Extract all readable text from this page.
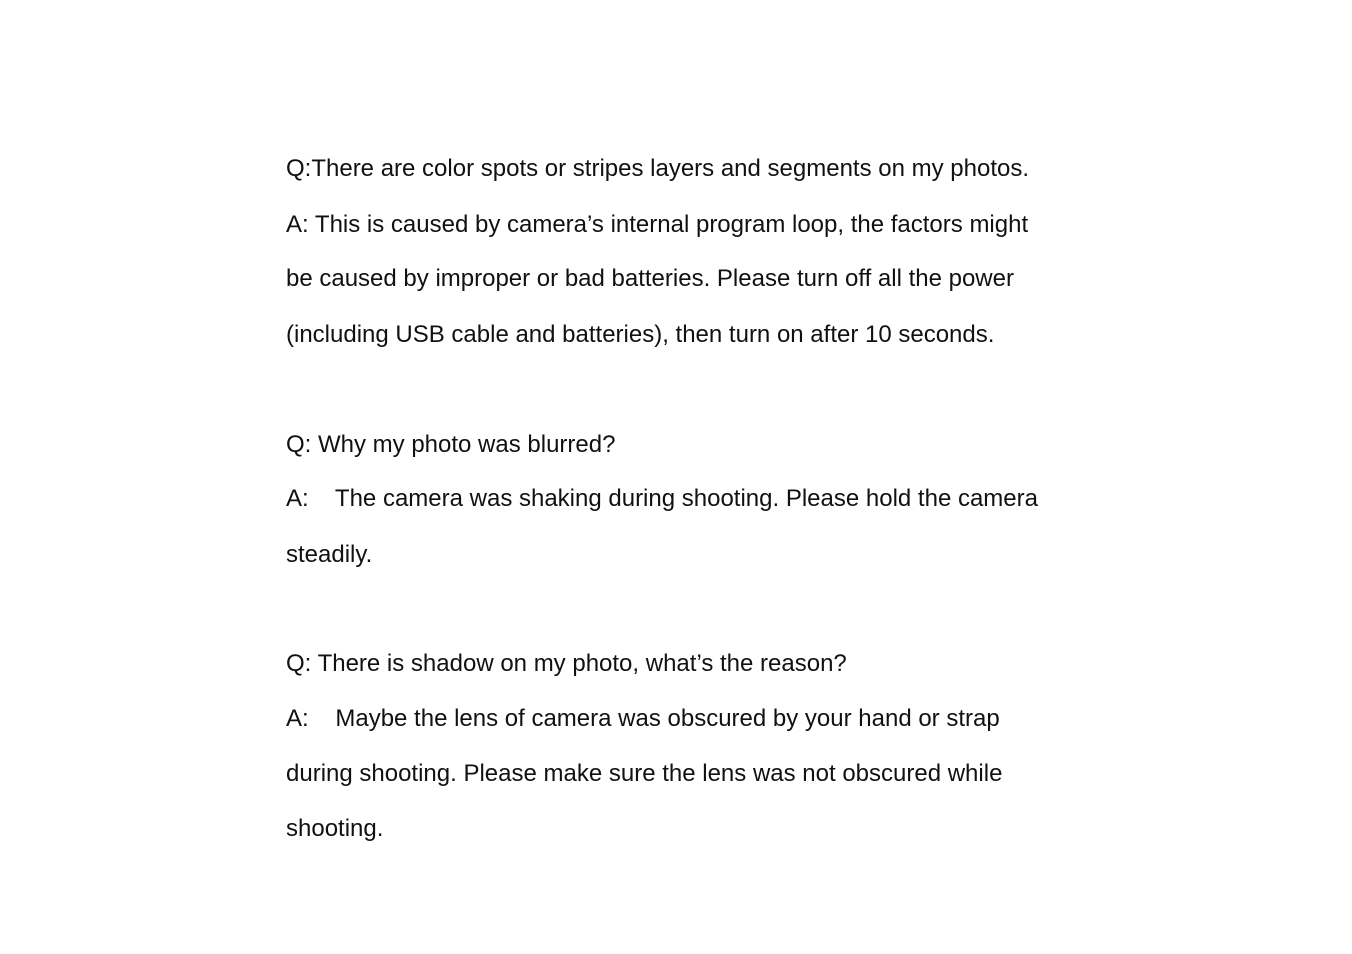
Q:There are color spots or stripes layers and segments on my photos.

A: This is caused by camera’s internal program loop, the factors might

be caused by improper or bad batteries. Please turn off all the power

(including USB cable and batteries), then turn on after 10 seconds.

Q: Why my photo was blurred?

A:    The camera was shaking during shooting. Please hold the camera

steadily.

Q: There is shadow on my photo, what’s the reason?

A:    Maybe the lens of camera was obscured by your hand or strap

during shooting. Please make sure the lens was not obscured while

shooting.
